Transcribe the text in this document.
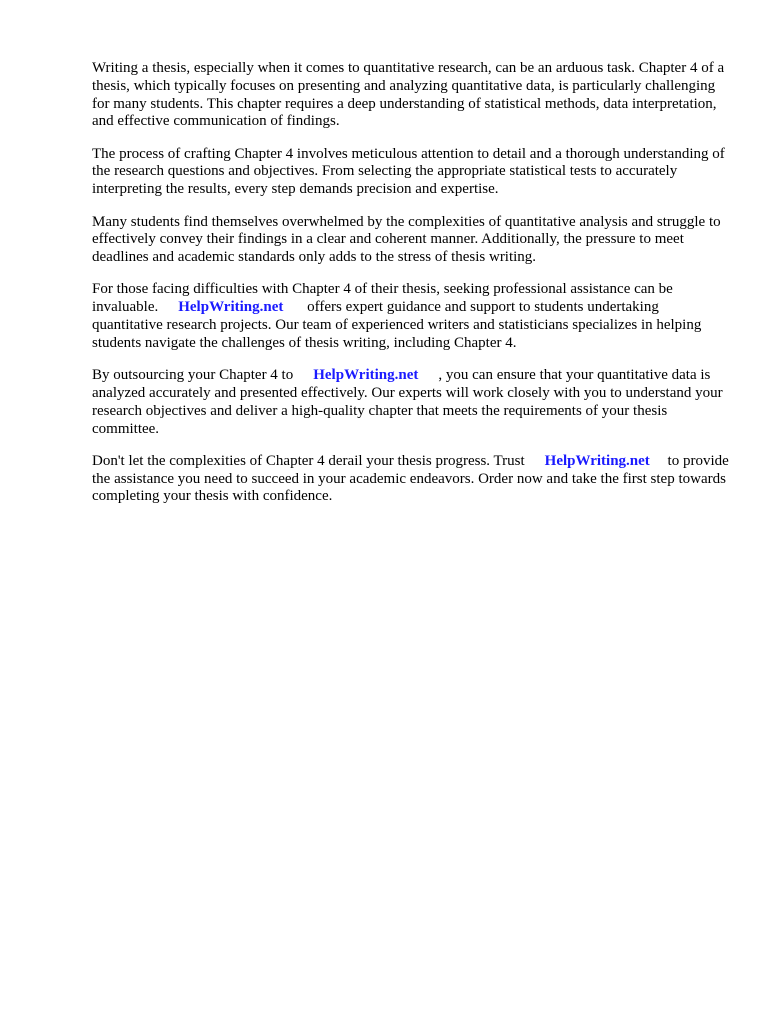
Writing a thesis, especially when it comes to quantitative research, can be an arduous task. Chapter 4 of a thesis, which typically focuses on presenting and analyzing quantitative data, is particularly challenging for many students. This chapter requires a deep understanding of statistical methods, data interpretation, and effective communication of findings.

The process of crafting Chapter 4 involves meticulous attention to detail and a thorough understanding of the research questions and objectives. From selecting the appropriate statistical tests to accurately interpreting the results, every step demands precision and expertise.

Many students find themselves overwhelmed by the complexities of quantitative analysis and struggle to effectively convey their findings in a clear and coherent manner. Additionally, the pressure to meet deadlines and academic standards only adds to the stress of thesis writing.

For those facing difficulties with Chapter 4 of their thesis, seeking professional assistance can be invaluable. HelpWriting.net offers expert guidance and support to students undertaking quantitative research projects. Our team of experienced writers and statisticians specializes in helping students navigate the challenges of thesis writing, including Chapter 4.

By outsourcing your Chapter 4 to HelpWriting.net , you can ensure that your quantitative data is analyzed accurately and presented effectively. Our experts will work closely with you to understand your research objectives and deliver a high-quality chapter that meets the requirements of your thesis committee.

Don't let the complexities of Chapter 4 derail your thesis progress. Trust HelpWriting.net to provide the assistance you need to succeed in your academic endeavors. Order now and take the first step towards completing your thesis with confidence.
